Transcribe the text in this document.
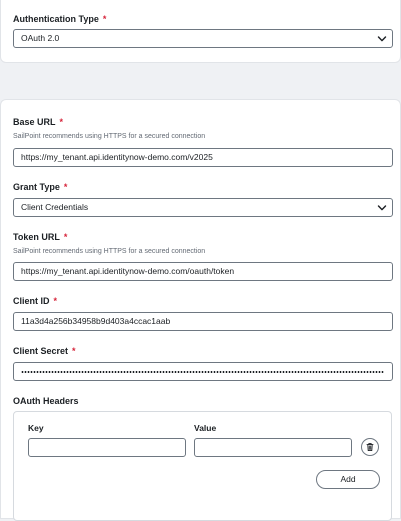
Authentication Type *
OAuth 2.0
Base URL *
SailPoint recommends using HTTPS for a secured connection
https://my_tenant.api.identitynow-demo.com/v2025
Grant Type *
Client Credentials
Token URL *
SailPoint recommends using HTTPS for a secured connection
https://my_tenant.api.identitynow-demo.com/oauth/token
Client ID *
11a3d4a256b34958b9d403a4ccac1aab
Client Secret *
OAuth Headers
Key	Value
Add
